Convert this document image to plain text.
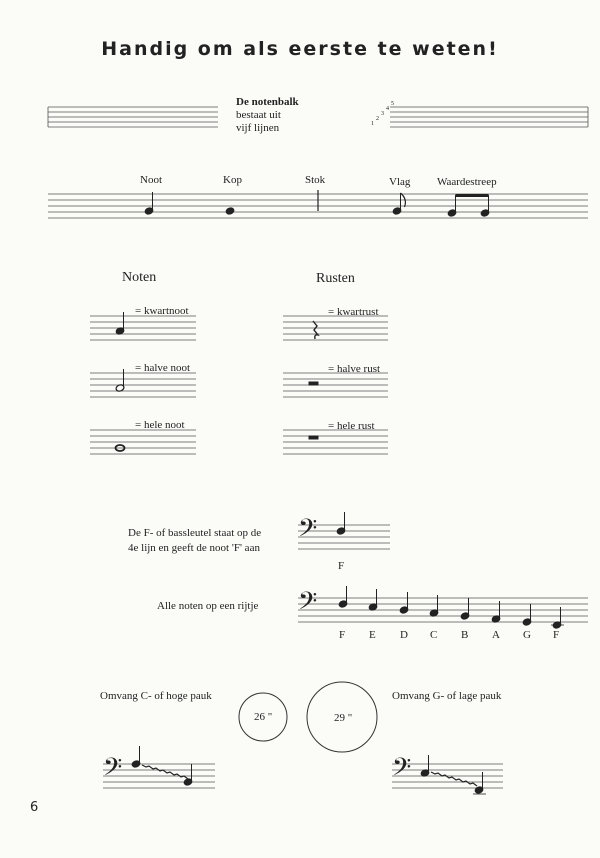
Handig om als eerste te weten!
1
2
3
4
5
De notenbalk
bestaat uit
vijf lijnen
Noot	Kop	Stok	Vlag Waardestreep
Noten	Rusten
= kwartnoot
= halve noot
= hele noot
= kwartrust
= halve rust
= hele rust
𝄢
𝄢
𝄢	𝄢
De F- of bassleutel staat op de
4e lijn en geeft de noot 'F' aan
F
Alle noten op een rijtje
F E D C B A G F
Omvang C- of hoge pauk	Omvang G- of lage pauk
26 "	29 "
6
